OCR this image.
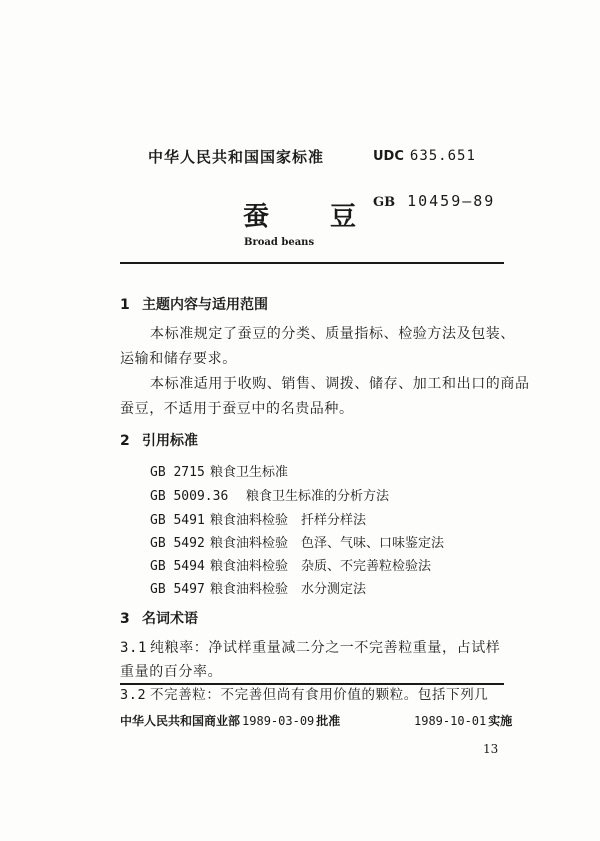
中华人民共和国国家标准	UDC 635.651
蚕 豆
GB 10459—89
Broad beans
1 主题内容与适用范围
本标准规定了蚕豆的分类、质量指标、检验方法及包装、
运输和储存要求。
本标准适用于收购、销售、调拨、储存、加工和出口的商品
蚕豆，不适用于蚕豆中的名贵品种。
2 引用标准
GB 2715 粮食卫生标准
GB 5009.36 粮食卫生标准的分析方法
GB 5491 粮食油料检验　扦样分样法
GB 5492 粮食油料检验　色泽、气味、口味鉴定法
GB 5494 粮食油料检验　杂质、不完善粒检验法
GB 5497 粮食油料检验　水分测定法
3 名词术语
3.1 纯粮率：净试样重量减二分之一不完善粒重量，占试样
重量的百分率。
3.2 不完善粒：不完善但尚有食用价值的颗粒。包括下列几
中华人民共和国商业部 1989-03-09 批准	1989-10-01 实施
13
